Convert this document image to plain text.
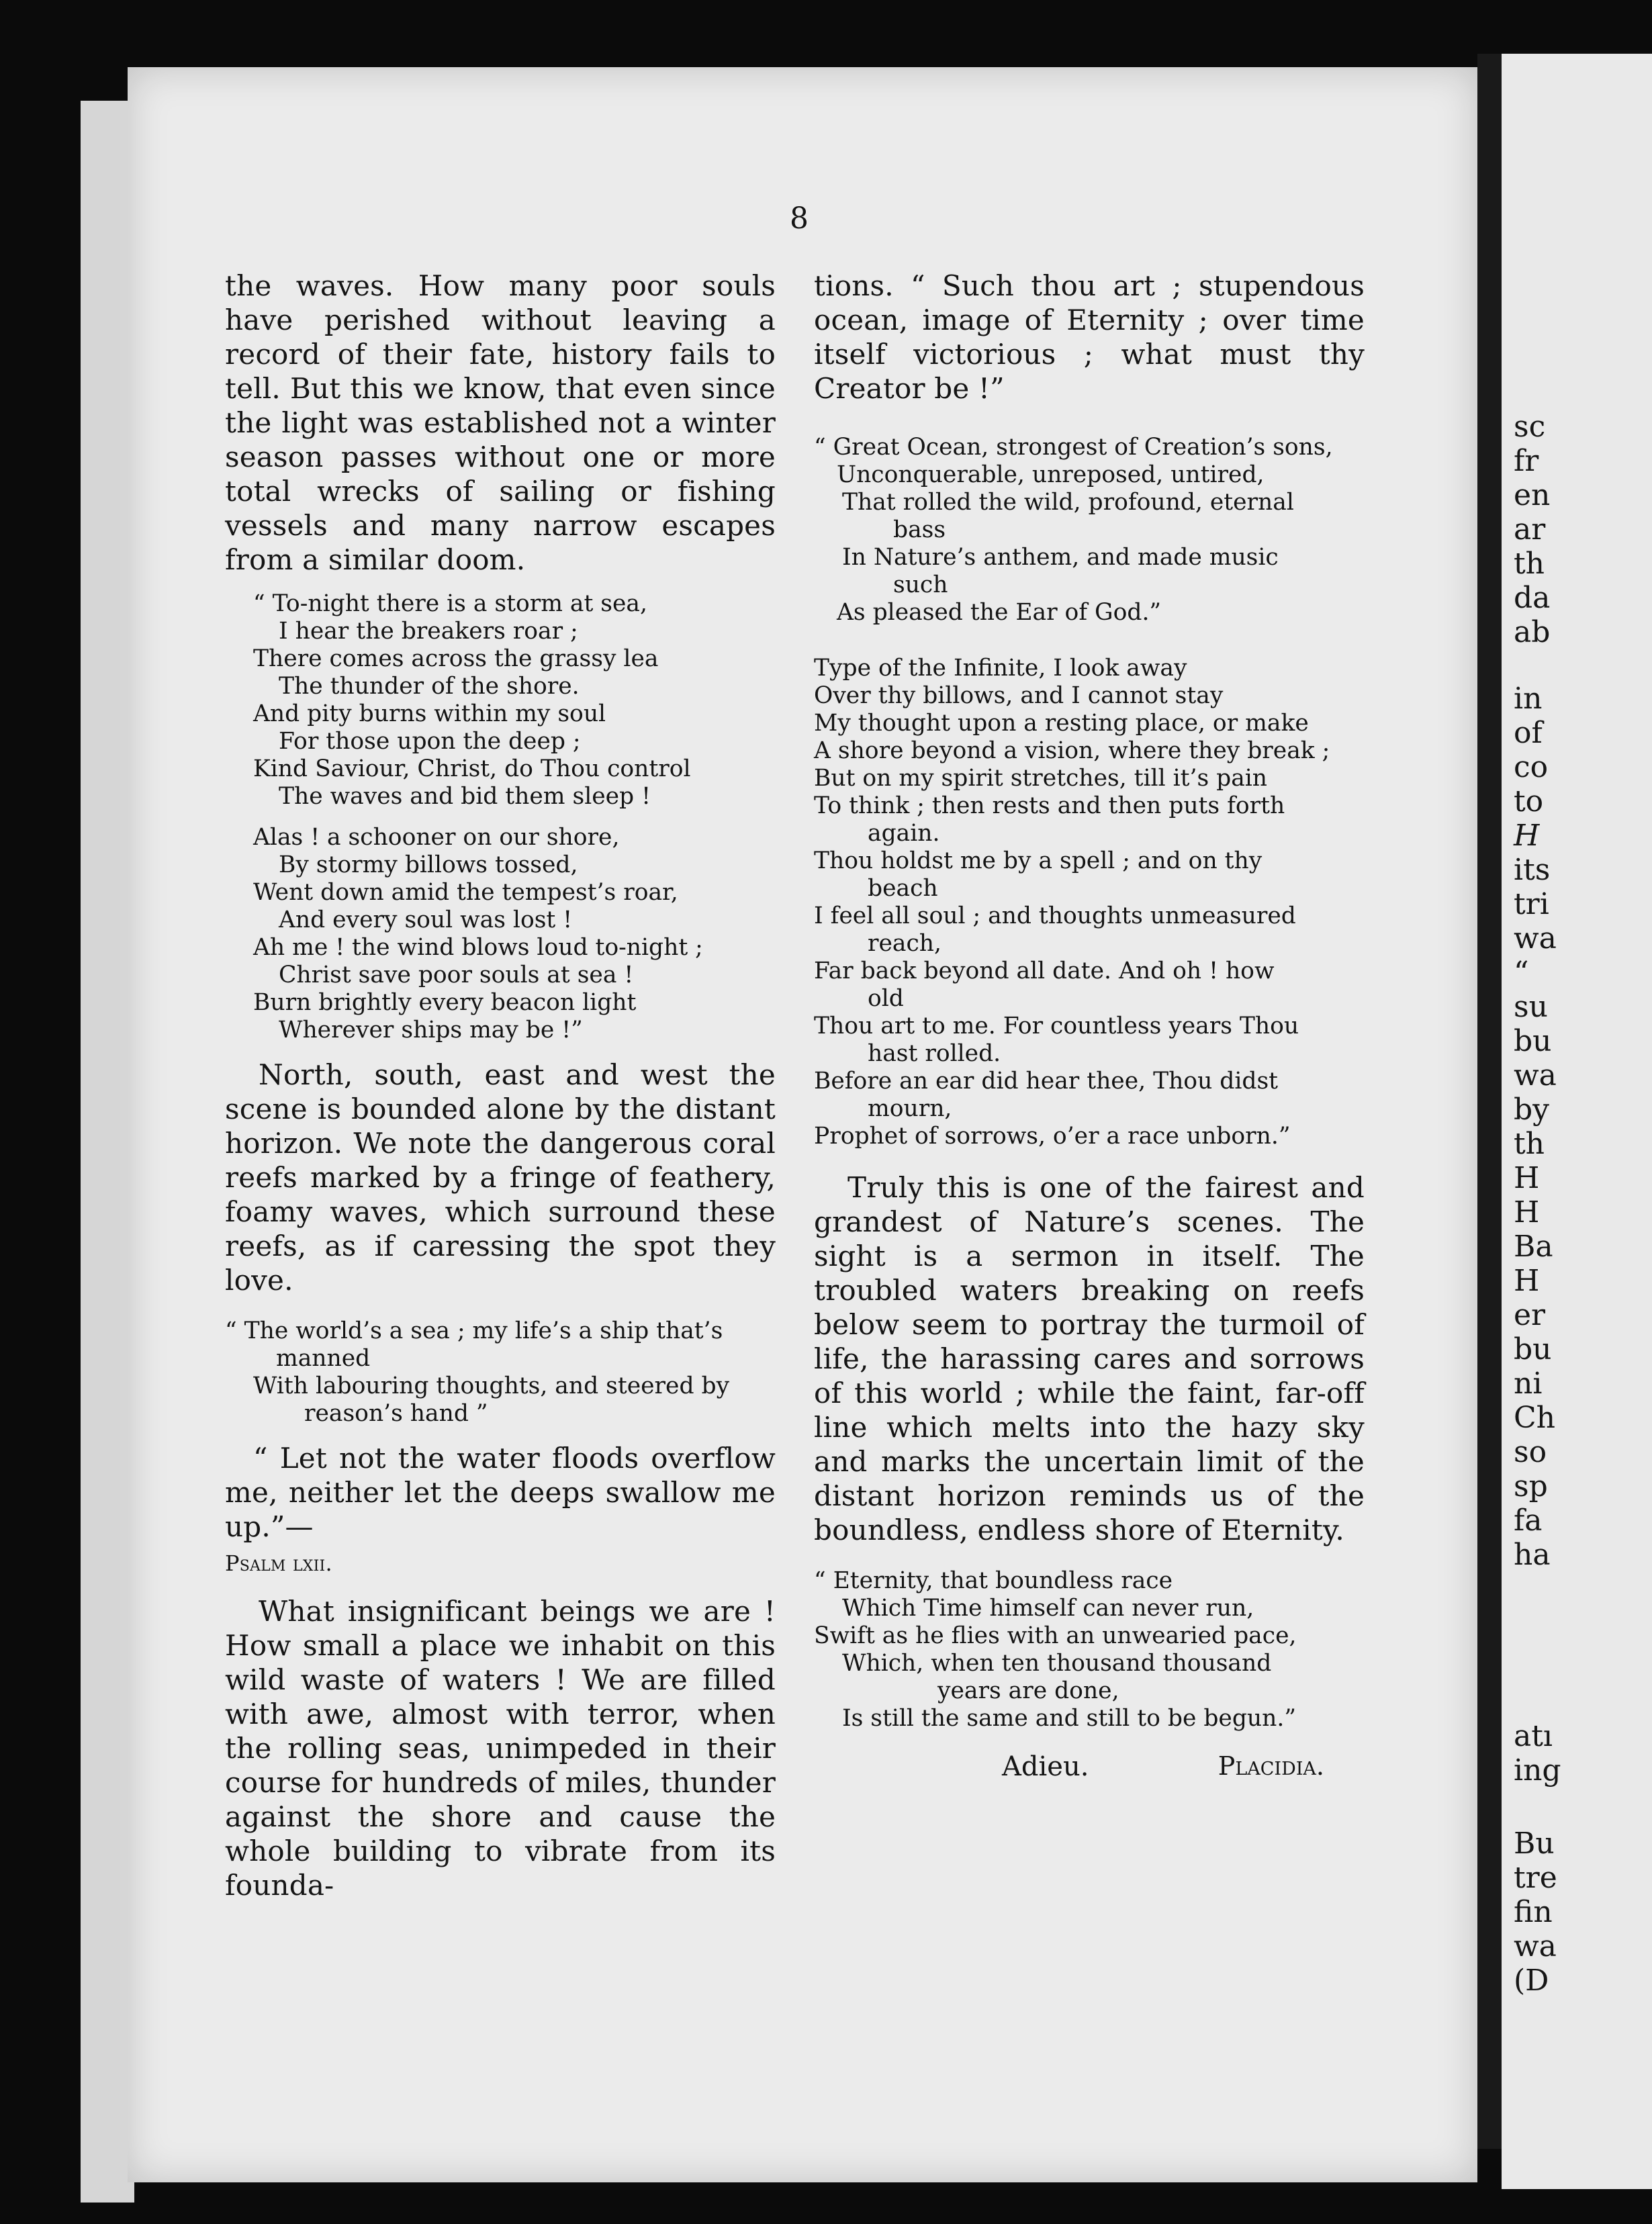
sc
fr
en
ar
th
da
ab
in
of
co
to
H
its
tri
wa
“
su
bu
wa
by
th
H
H
Ba
H
er
bu
ni
Ch
so
sp
fa
ha
atı
ing
Bu
tre
fin
wa
(D
8

the waves. How many poor souls have perished without leaving a record of their fate, history fails to tell. But this we know, that even since the light was established not a winter season passes without one or more total wrecks of sailing or fishing vessels and many narrow escapes from a similar doom.

“ To-night there is a storm at sea,
I hear the breakers roar ;
There comes across the grassy lea
The thunder of the shore.
And pity burns within my soul
For those upon the deep ;
Kind Saviour, Christ, do Thou control
The waves and bid them sleep !
Alas ! a schooner on our shore,
By stormy billows tossed,
Went down amid the tempest’s roar,
And every soul was lost !
Ah me ! the wind blows loud to-night ;
Christ save poor souls at sea !
Burn brightly every beacon light
Wherever ships may be !”

North, south, east and west the scene is bounded alone by the distant horizon. We note the dangerous coral reefs marked by a fringe of feathery, foamy waves, which surround these reefs, as if caressing the spot they love.

“ The world’s a sea ; my life’s a ship that’s
manned
With labouring thoughts, and steered by
reason’s hand ”

“ Let not the water floods overflow me, neither let the deeps swallow me up.”—
Psalm lxii.

What insignificant beings we are ! How small a place we inhabit on this wild waste of waters ! We are filled with awe, almost with terror, when the rolling seas, unimpeded in their course for hundreds of miles, thunder against the shore and cause the whole building to vibrate from its founda-

tions. “ Such thou art ; stupendous ocean, image of Eternity ; over time itself victorious ; what must thy Creator be !”

“ Great Ocean, strongest of Creation’s sons,
Unconquerable, unreposed, untired,
That rolled the wild, profound, eternal
bass
In Nature’s anthem, and made music
such
As pleased the Ear of God.”
Type of the Infinite, I look away
Over thy billows, and I cannot stay
My thought upon a resting place, or make
A shore beyond a vision, where they break ;
But on my spirit stretches, till it’s pain
To think ; then rests and then puts forth
again.
Thou holdst me by a spell ; and on thy
beach
I feel all soul ; and thoughts unmeasured
reach,
Far back beyond all date. And oh ! how
old
Thou art to me. For countless years Thou
hast rolled.
Before an ear did hear thee, Thou didst
mourn,
Prophet of sorrows, o’er a race unborn.”

Truly this is one of the fairest and grandest of Nature’s scenes. The sight is a sermon in itself. The troubled waters breaking on reefs below seem to portray the turmoil of life, the harassing cares and sorrows of this world ; while the faint, far-off line which melts into the hazy sky and marks the uncertain limit of the distant horizon reminds us of the boundless, endless shore of Eternity.

“ Eternity, that boundless race
Which Time himself can never run,
Swift as he flies with an unwearied pace,
Which, when ten thousand thousand
years are done,
Is still the same and still to be begun.”
Adieu.	Placidia.
